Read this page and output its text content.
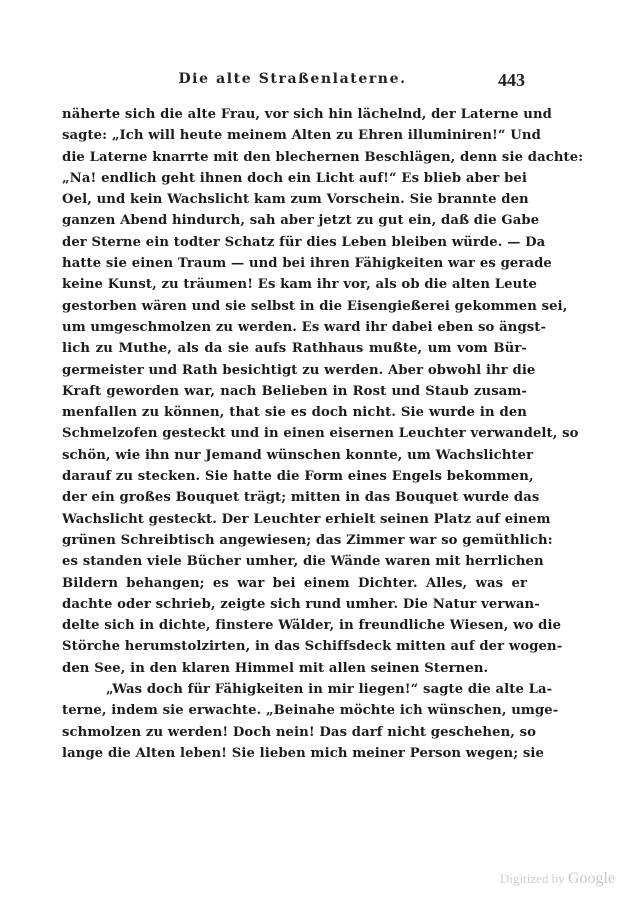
Die alte Straßenlaterne.	443
näherte sich die alte Frau, vor sich hin lächelnd, der Laterne und
sagte: „Ich will heute meinem Alten zu Ehren illuminiren!“ Und
die Laterne knarrte mit den blechernen Beschlägen, denn sie dachte:
„Na! endlich geht ihnen doch ein Licht auf!“ Es blieb aber bei
Oel, und kein Wachslicht kam zum Vorschein. Sie brannte den
ganzen Abend hindurch, sah aber jetzt zu gut ein, daß die Gabe
der Sterne ein todter Schatz für dies Leben bleiben würde. — Da
hatte sie einen Traum — und bei ihren Fähigkeiten war es gerade
keine Kunst, zu träumen! Es kam ihr vor, als ob die alten Leute
gestorben wären und sie selbst in die Eisengießerei gekommen sei,
um umgeschmolzen zu werden. Es ward ihr dabei eben so ängst-
lich zu Muthe, als da sie aufs Rathhaus mußte, um vom Bür-
germeister und Rath besichtigt zu werden. Aber obwohl ihr die
Kraft geworden war, nach Belieben in Rost und Staub zusam-
menfallen zu können, that sie es doch nicht. Sie wurde in den
Schmelzofen gesteckt und in einen eisernen Leuchter verwandelt, so
schön, wie ihn nur Jemand wünschen konnte, um Wachslichter
darauf zu stecken. Sie hatte die Form eines Engels bekommen,
der ein großes Bouquet trägt; mitten in das Bouquet wurde das
Wachslicht gesteckt. Der Leuchter erhielt seinen Platz auf einem
grünen Schreibtisch angewiesen; das Zimmer war so gemüthlich:
es standen viele Bücher umher, die Wände waren mit herrlichen
Bildern behangen; es war bei einem Dichter. Alles, was er
dachte oder schrieb, zeigte sich rund umher. Die Natur verwan-
delte sich in dichte, finstere Wälder, in freundliche Wiesen, wo die
Störche herumstolzirten, in das Schiffsdeck mitten auf der wogen-
den See, in den klaren Himmel mit allen seinen Sternen.
„Was doch für Fähigkeiten in mir liegen!“ sagte die alte La-
terne, indem sie erwachte. „Beinahe möchte ich wünschen, umge-
schmolzen zu werden! Doch nein! Das darf nicht geschehen, so
lange die Alten leben! Sie lieben mich meiner Person wegen; sie
Digitized by Google
